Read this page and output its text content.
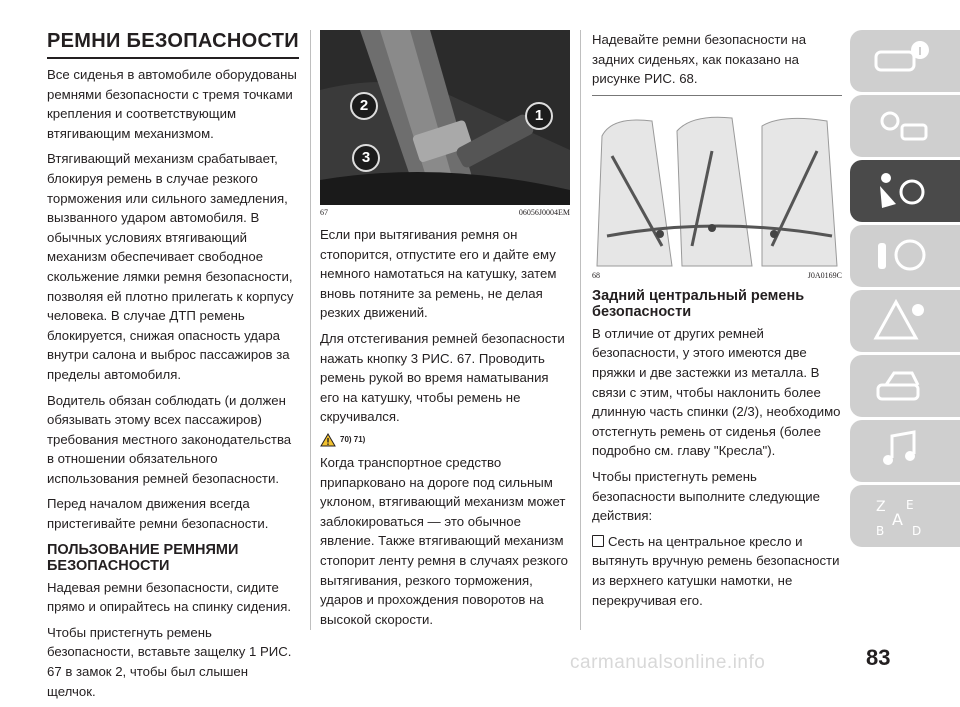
РЕМНИ БЕЗОПАСНОСТИ

Все сиденья в автомобиле оборудованы ремнями безопасности с тремя точками крепления и соответствующим втягивающим механизмом.

Втягивающий механизм срабатывает, блокируя ремень в случае резкого торможения или сильного замедления, вызванного ударом автомобиля. В обычных условиях втягивающий механизм обеспечивает свободное скольжение лямки ремня безопасности, позволяя ей плотно прилегать к корпусу человека. В случае ДТП ремень блокируется, снижая опасность удара внутри салона и выброс пассажиров за пределы автомобиля.

Водитель обязан соблюдать (и должен обязывать этому всех пассажиров) требования местного законодательства в отношении обязательного использования ремней безопасности.

Перед началом движения всегда пристегивайте ремни безопасности.

ПОЛЬЗОВАНИЕ РЕМНЯМИ БЕЗОПАСНОСТИ

Надевая ремни безопасности, сидите прямо и опирайтесь на спинку сидения.

Чтобы пристегнуть ремень безопасности, вставьте защелку 1 РИС. 67 в замок 2, чтобы был слышен щелчок.

2
1
3
67	06056J0004EM

Если при вытягивания ремня он стопорится, отпустите его и дайте ему немного намотаться на катушку, затем вновь потяните за ремень, не делая резких движений.

Для отстегивания ремней безопасности нажать кнопку 3 РИС. 67. Проводить ремень рукой во время наматывания его на катушку, чтобы ремень не скручивался.

70) 71)

Когда транспортное средство припарковано на дороге под сильным уклоном, втягивающий механизм может заблокироваться — это обычное явление. Также втягивающий механизм стопорит ленту ремня в случаях резкого вытягивания, резкого торможения, ударов и прохождения поворотов на высокой скорости.

Надевайте ремни безопасности на задних сиденьях, как показано на рисунке РИС. 68.

68	J0A0169C
Задний центральный ремень безопасности

В отличие от других ремней безопасности, у этого имеются две пряжки и две застежки из металла. В связи с этим, чтобы наклонить более длинную часть спинки (2/3), необходимо отстегнуть ремень от сиденья (более подробно см. главу "Кресла").

Чтобы пристегнуть ремень безопасности выполните следующие действия:

Сесть на центральное кресло и вытянуть вручную ремень безопасности из верхнего катушки намотки, не перекручивая его.

Z E
A
B D
carmanualsonline.info	83
